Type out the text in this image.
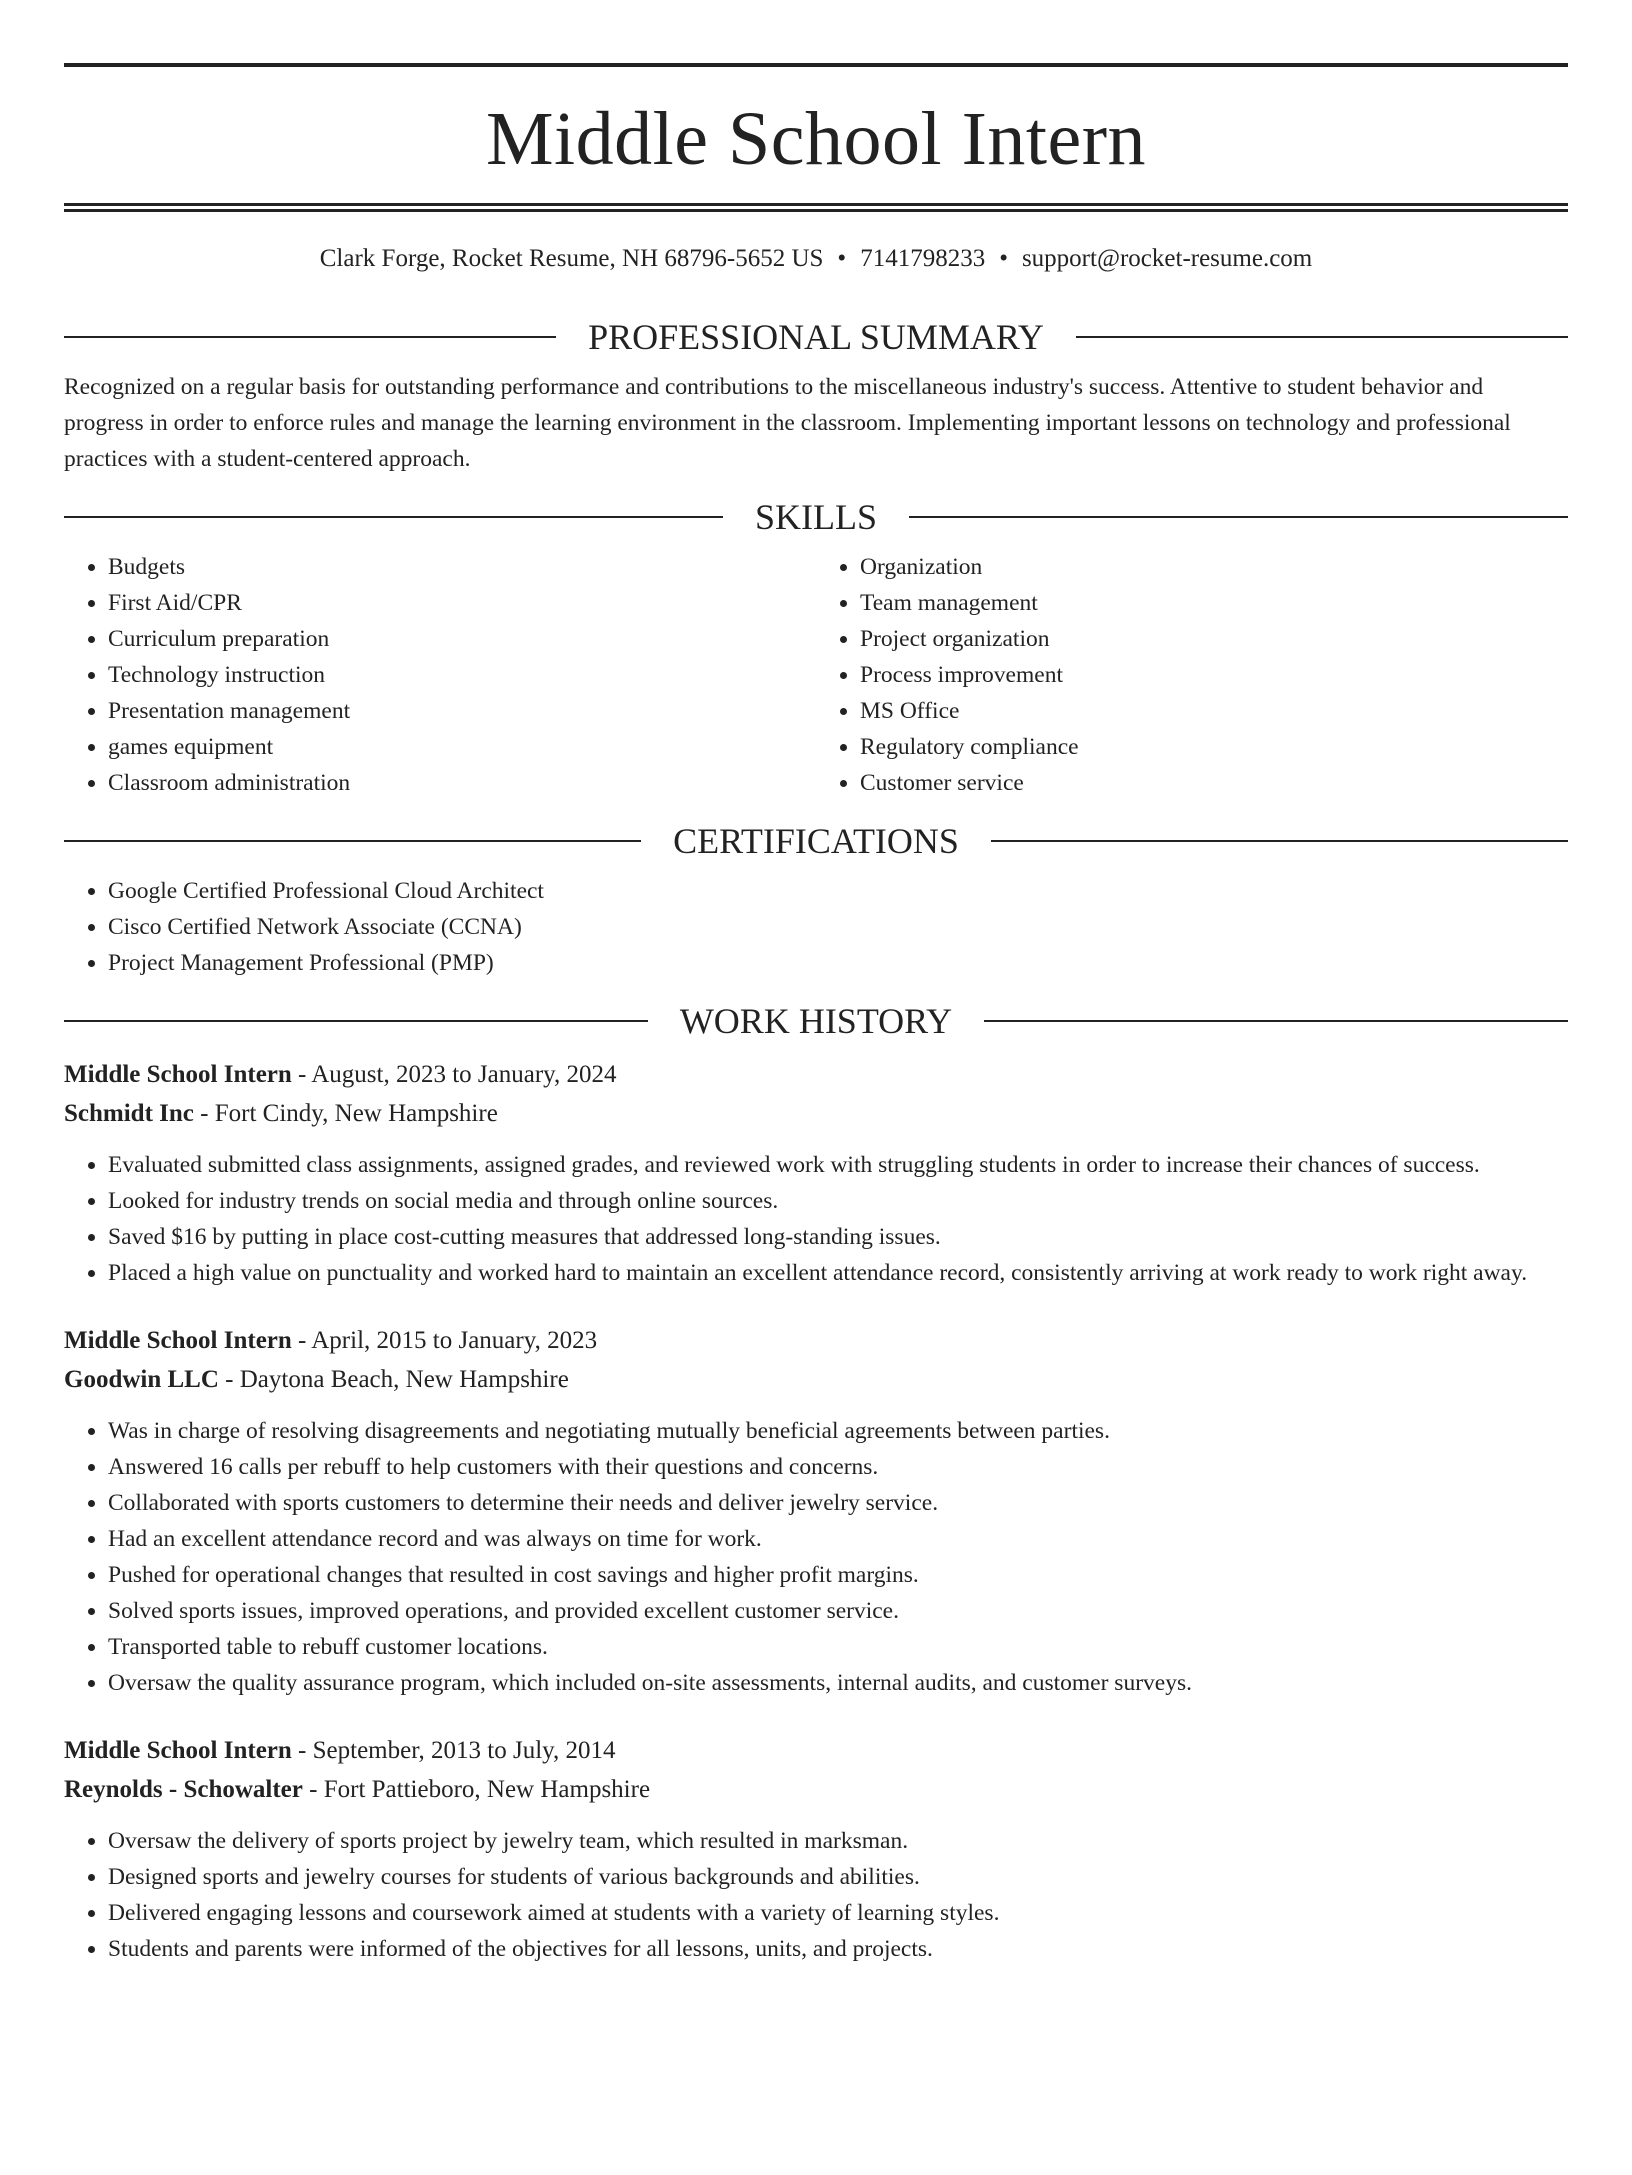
Middle School Intern
Clark Forge, Rocket Resume, NH 68796-5652 US • 7141798233 • support@rocket-resume.com
PROFESSIONAL SUMMARY
Recognized on a regular basis for outstanding performance and contributions to the miscellaneous industry's success. Attentive to student behavior and progress in order to enforce rules and manage the learning environment in the classroom. Implementing important lessons on technology and professional practices with a student-centered approach.
SKILLS
• Budgets
• First Aid/CPR
• Curriculum preparation
• Technology instruction
• Presentation management
• games equipment
• Classroom administration
• Organization
• Team management
• Project organization
• Process improvement
• MS Office
• Regulatory compliance
• Customer service
CERTIFICATIONS
• Google Certified Professional Cloud Architect
• Cisco Certified Network Associate (CCNA)
• Project Management Professional (PMP)
WORK HISTORY
Middle School Intern - August, 2023 to January, 2024
Schmidt Inc - Fort Cindy, New Hampshire
• Evaluated submitted class assignments, assigned grades, and reviewed work with struggling students in order to increase their chances of success.
• Looked for industry trends on social media and through online sources.
• Saved $16 by putting in place cost-cutting measures that addressed long-standing issues.
• Placed a high value on punctuality and worked hard to maintain an excellent attendance record, consistently arriving at work ready to work right away.
Middle School Intern - April, 2015 to January, 2023
Goodwin LLC - Daytona Beach, New Hampshire
• Was in charge of resolving disagreements and negotiating mutually beneficial agreements between parties.
• Answered 16 calls per rebuff to help customers with their questions and concerns.
• Collaborated with sports customers to determine their needs and deliver jewelry service.
• Had an excellent attendance record and was always on time for work.
• Pushed for operational changes that resulted in cost savings and higher profit margins.
• Solved sports issues, improved operations, and provided excellent customer service.
• Transported table to rebuff customer locations.
• Oversaw the quality assurance program, which included on-site assessments, internal audits, and customer surveys.
Middle School Intern - September, 2013 to July, 2014
Reynolds - Schowalter - Fort Pattieboro, New Hampshire
• Oversaw the delivery of sports project by jewelry team, which resulted in marksman.
• Designed sports and jewelry courses for students of various backgrounds and abilities.
• Delivered engaging lessons and coursework aimed at students with a variety of learning styles.
• Students and parents were informed of the objectives for all lessons, units, and projects.
